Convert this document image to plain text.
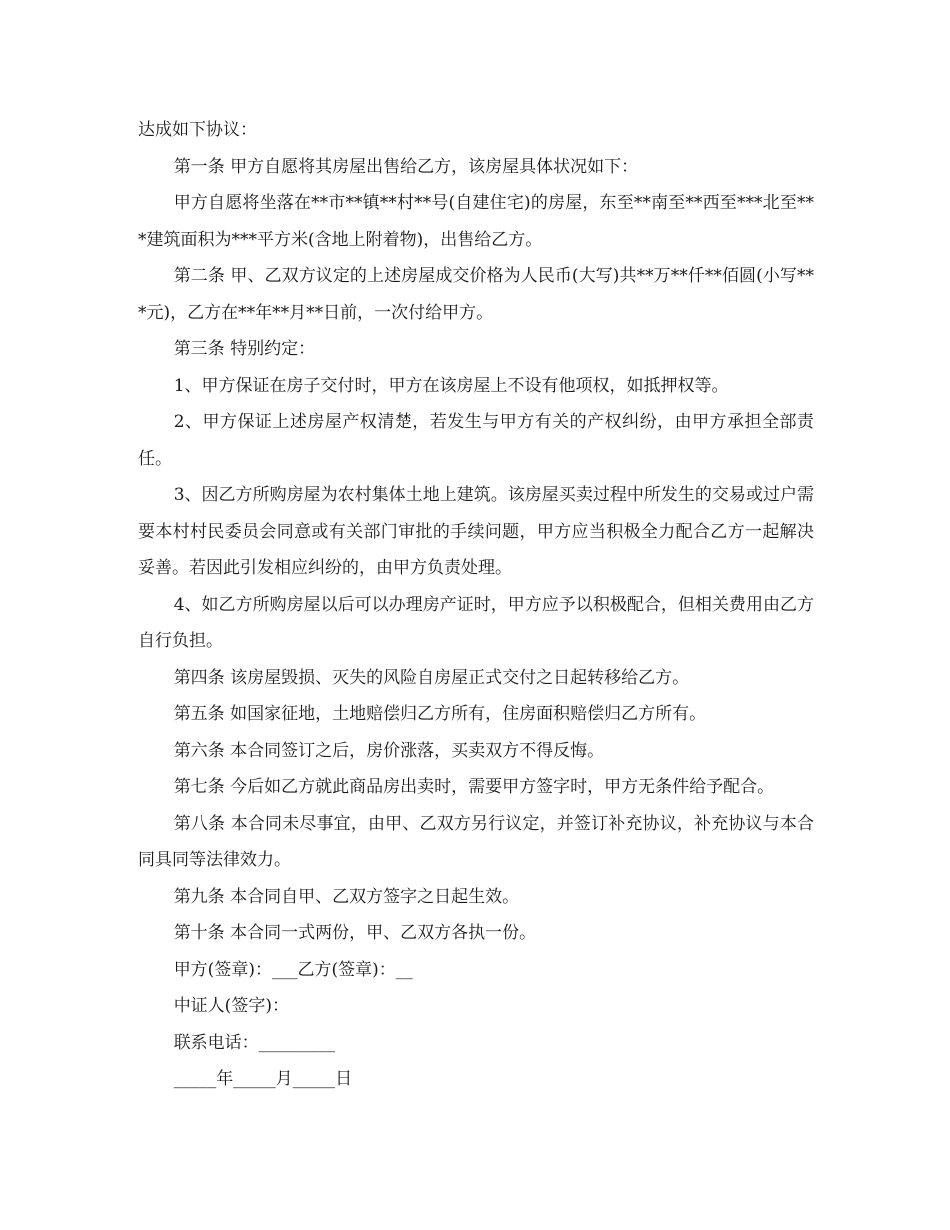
达成如下协议：

第一条 甲方自愿将其房屋出售给乙方，该房屋具体状况如下：

甲方自愿将坐落在**市**镇**村**号(自建住宅)的房屋，东至**南至**西至***北至***建筑面积为***平方米(含地上附着物)，出售给乙方。

第二条 甲、乙双方议定的上述房屋成交价格为人民币(大写)共**万**仟**佰圆(小写***元)，乙方在**年**月**日前，一次付给甲方。

第三条 特别约定：

1、甲方保证在房子交付时，甲方在该房屋上不设有他项权，如抵押权等。

2、甲方保证上述房屋产权清楚，若发生与甲方有关的产权纠纷，由甲方承担全部责任。

3、因乙方所购房屋为农村集体土地上建筑。该房屋买卖过程中所发生的交易或过户需要本村村民委员会同意或有关部门审批的手续问题，甲方应当积极全力配合乙方一起解决妥善。若因此引发相应纠纷的，由甲方负责处理。

4、如乙方所购房屋以后可以办理房产证时，甲方应予以积极配合，但相关费用由乙方自行负担。

第四条 该房屋毁损、灭失的风险自房屋正式交付之日起转移给乙方。

第五条 如国家征地，土地赔偿归乙方所有，住房面积赔偿归乙方所有。

第六条 本合同签订之后，房价涨落，买卖双方不得反悔。

第七条 今后如乙方就此商品房出卖时，需要甲方签字时，甲方无条件给予配合。

第八条 本合同未尽事宜，由甲、乙双方另行议定，并签订补充协议，补充协议与本合同具同等法律效力。

第九条 本合同自甲、乙双方签字之日起生效。

第十条 本合同一式两份，甲、乙双方各执一份。

甲方(签章)：___乙方(签章)：__

中证人(签字)：

联系电话：_________

_____年_____月_____日
